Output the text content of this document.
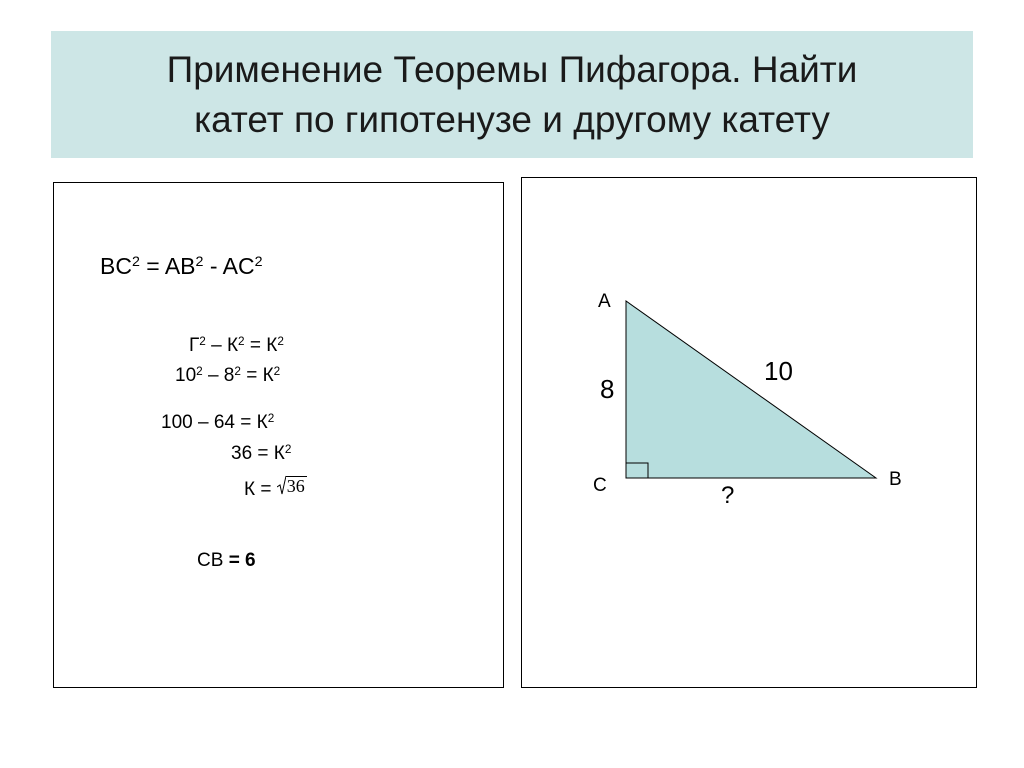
Применение Теоремы Пифагора. Найти
катет по гипотенузе и другому катету
$BC^2 = AB^2 - AC^2$
$Г^2 - К^2 = К^2$
$10^2 - 8^2 = К^2$
$100 - 64 = К^2$
$36 = К^2$
К = 36
CB = 6
A
C	B
8
10
?
